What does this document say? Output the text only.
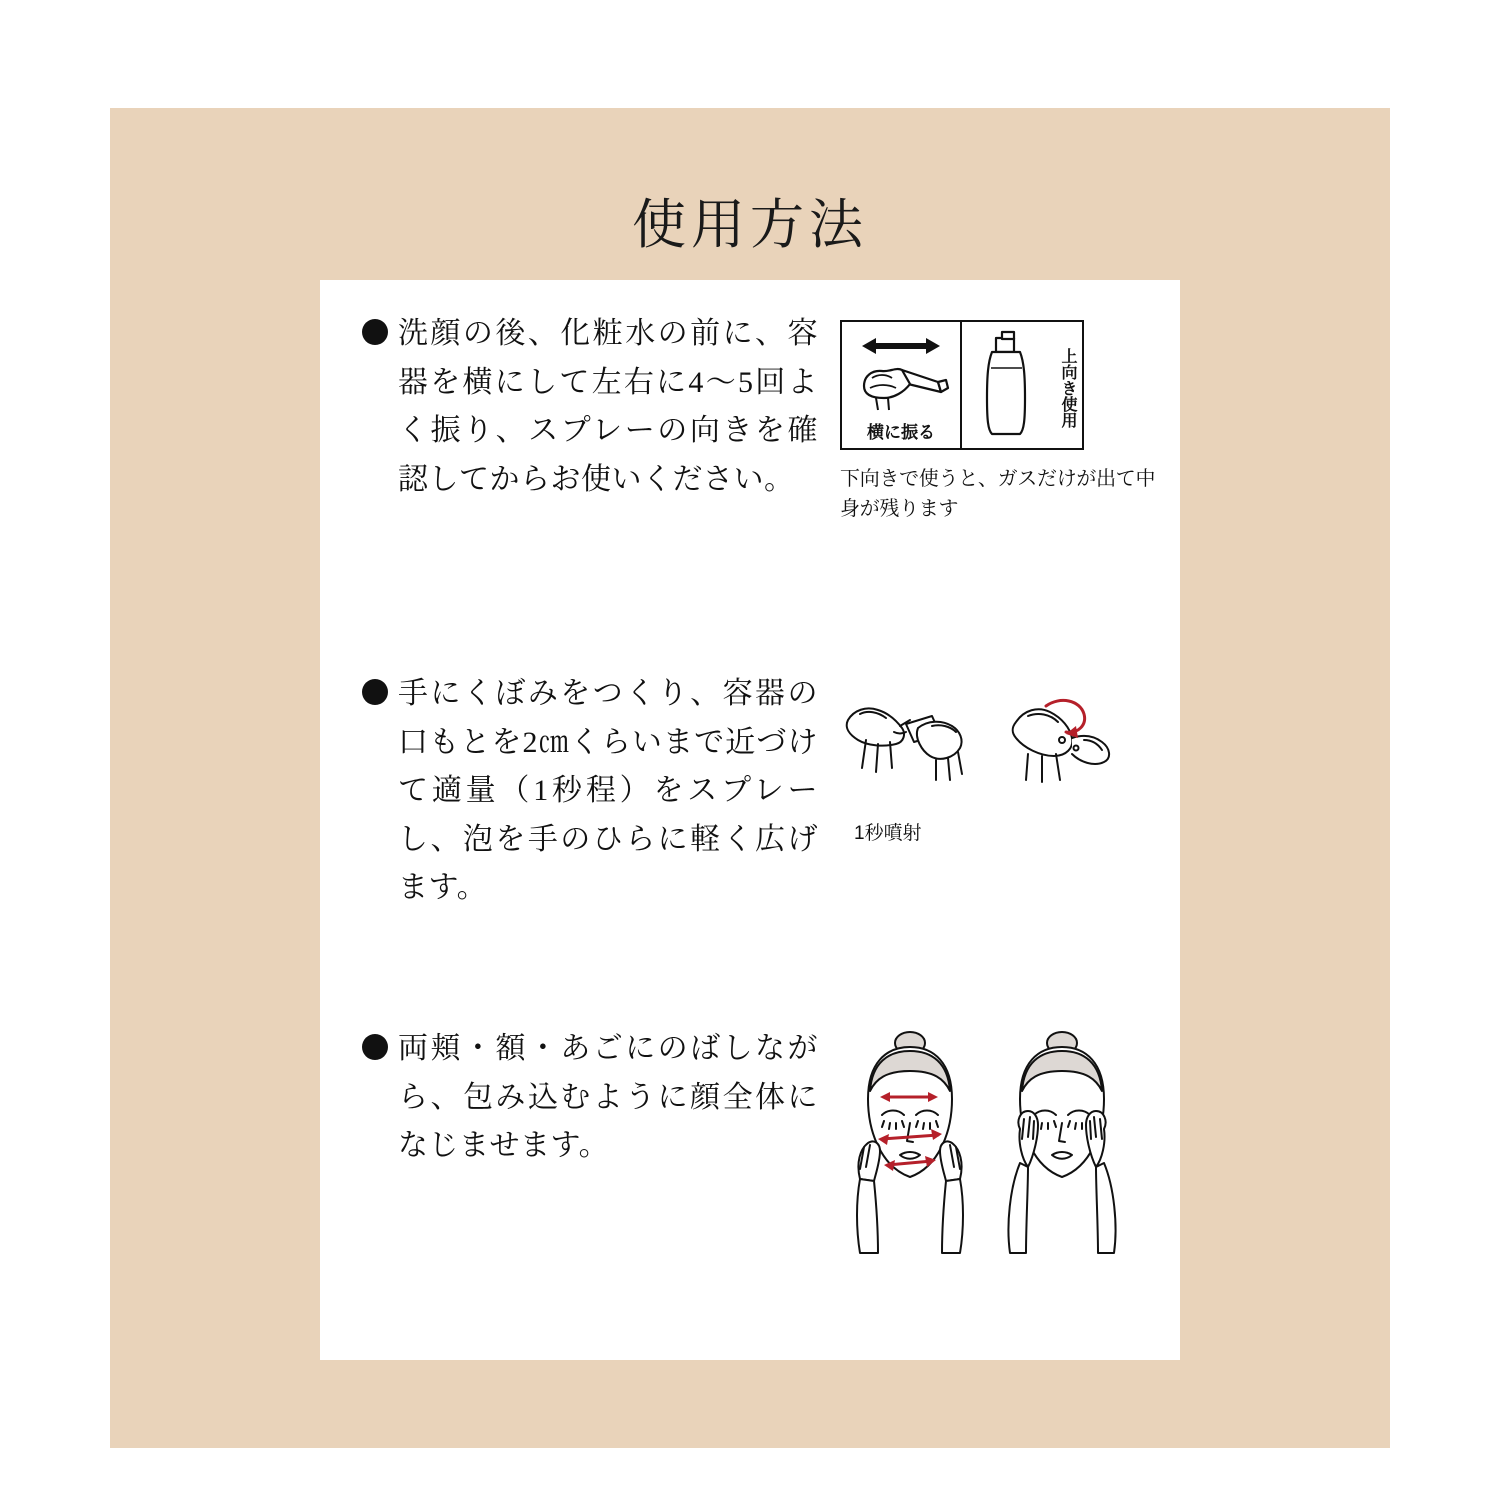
使用方法
洗顔の後、化粧水の前に、容器を横にして左右に4〜5回よく振り、スプレーの向きを確認してからお使いください。
横に振る
上向き使用
下向きで使うと、ガスだけが出て中身が残ります
手にくぼみをつくり、容器の口もとを2㎝くらいまで近づけて適量（1秒程）をスプレーし、泡を手のひらに軽く広げます。
1秒噴射
両頬・額・あごにのばしながら、包み込むように顔全体になじませます。
